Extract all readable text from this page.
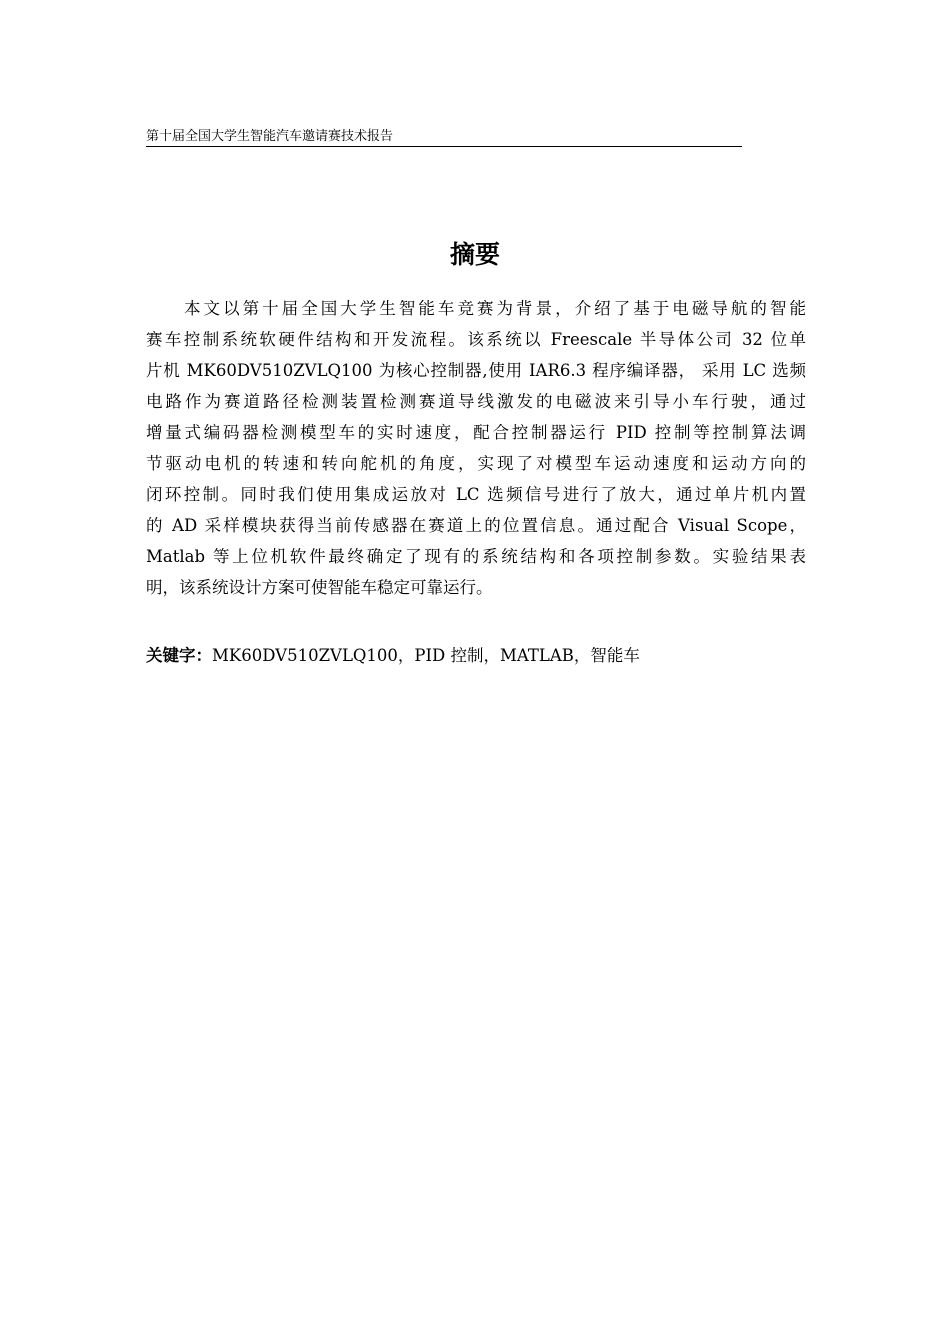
第十届全国大学生智能汽车邀请赛技术报告
摘要
本文以第十届全国大学生智能车竞赛为背景，介绍了基于电磁导航的智能
赛车控制系统软硬件结构和开发流程。该系统以 Freescale 半导体公司 32 位单
片机 MK60DV510ZVLQ100 为核心控制器,使用 IAR6.3 程序编译器， 采用 LC 选频
电路作为赛道路径检测装置检测赛道导线激发的电磁波来引导小车行驶，通过
增量式编码器检测模型车的实时速度，配合控制器运行 PID 控制等控制算法调
节驱动电机的转速和转向舵机的角度，实现了对模型车运动速度和运动方向的
闭环控制。同时我们使用集成运放对 LC 选频信号进行了放大，通过单片机内置
的 AD 采样模块获得当前传感器在赛道上的位置信息。通过配合 Visual Scope，
Matlab 等上位机软件最终确定了现有的系统结构和各项控制参数。实验结果表
明，该系统设计方案可使智能车稳定可靠运行。
关键字：MK60DV510ZVLQ100，PID 控制，MATLAB，智能车
